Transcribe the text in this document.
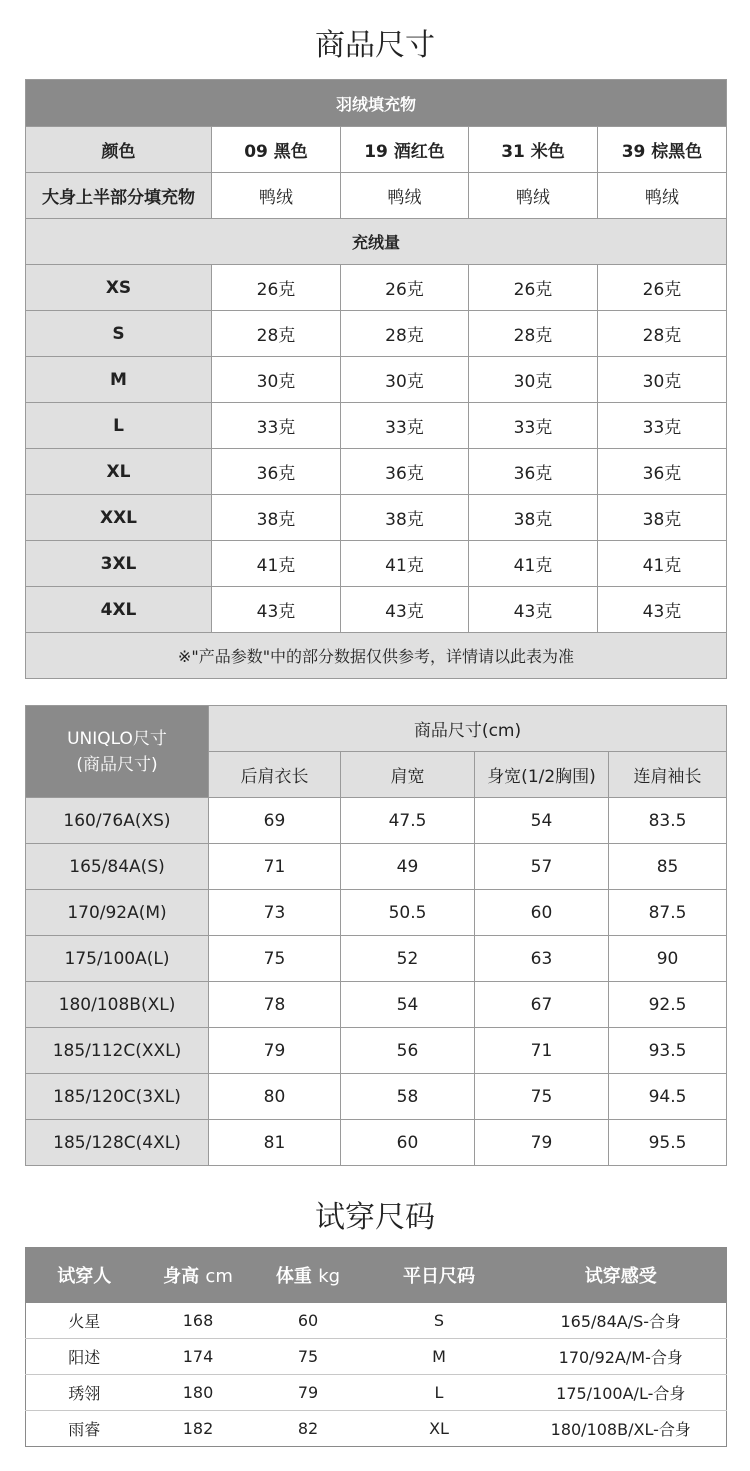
商品尺寸
羽绒填充物				
颜色	09 黑色	19 酒红色	31 米色	39 棕黑色
大身上半部分填充物	鸭绒	鸭绒	鸭绒	鸭绒
充绒量				
XS	26克	26克	26克	26克
S	28克	28克	28克	28克
M	30克	30克	30克	30克
L	33克	33克	33克	33克
XL	36克	36克	36克	36克
XXL	38克	38克	38克	38克
3XL	41克	41克	41克	41克
4XL	43克	43克	43克	43克
※"产品参数"中的部分数据仅供参考，详情请以此表为准				
UNIQLO尺寸
(商品尺寸)	商品尺寸(cm)			
	后肩衣长	肩宽	身宽(1/2胸围)	连肩袖长
160/76A(XS)	69	47.5	54	83.5
165/84A(S)	71	49	57	85
170/92A(M)	73	50.5	60	87.5
175/100A(L)	75	52	63	90
180/108B(XL)	78	54	67	92.5
185/112C(XXL)	79	56	71	93.5
185/120C(3XL)	80	58	75	94.5
185/128C(4XL)	81	60	79	95.5
试穿尺码
试穿人	身高 cm	体重 kg	平日尺码	试穿感受
火星	168	60	S	165/84A/S-合身
阳述	174	75	M	170/92A/M-合身
琇翎	180	79	L	175/100A/L-合身
雨睿	182	82	XL	180/108B/XL-合身
